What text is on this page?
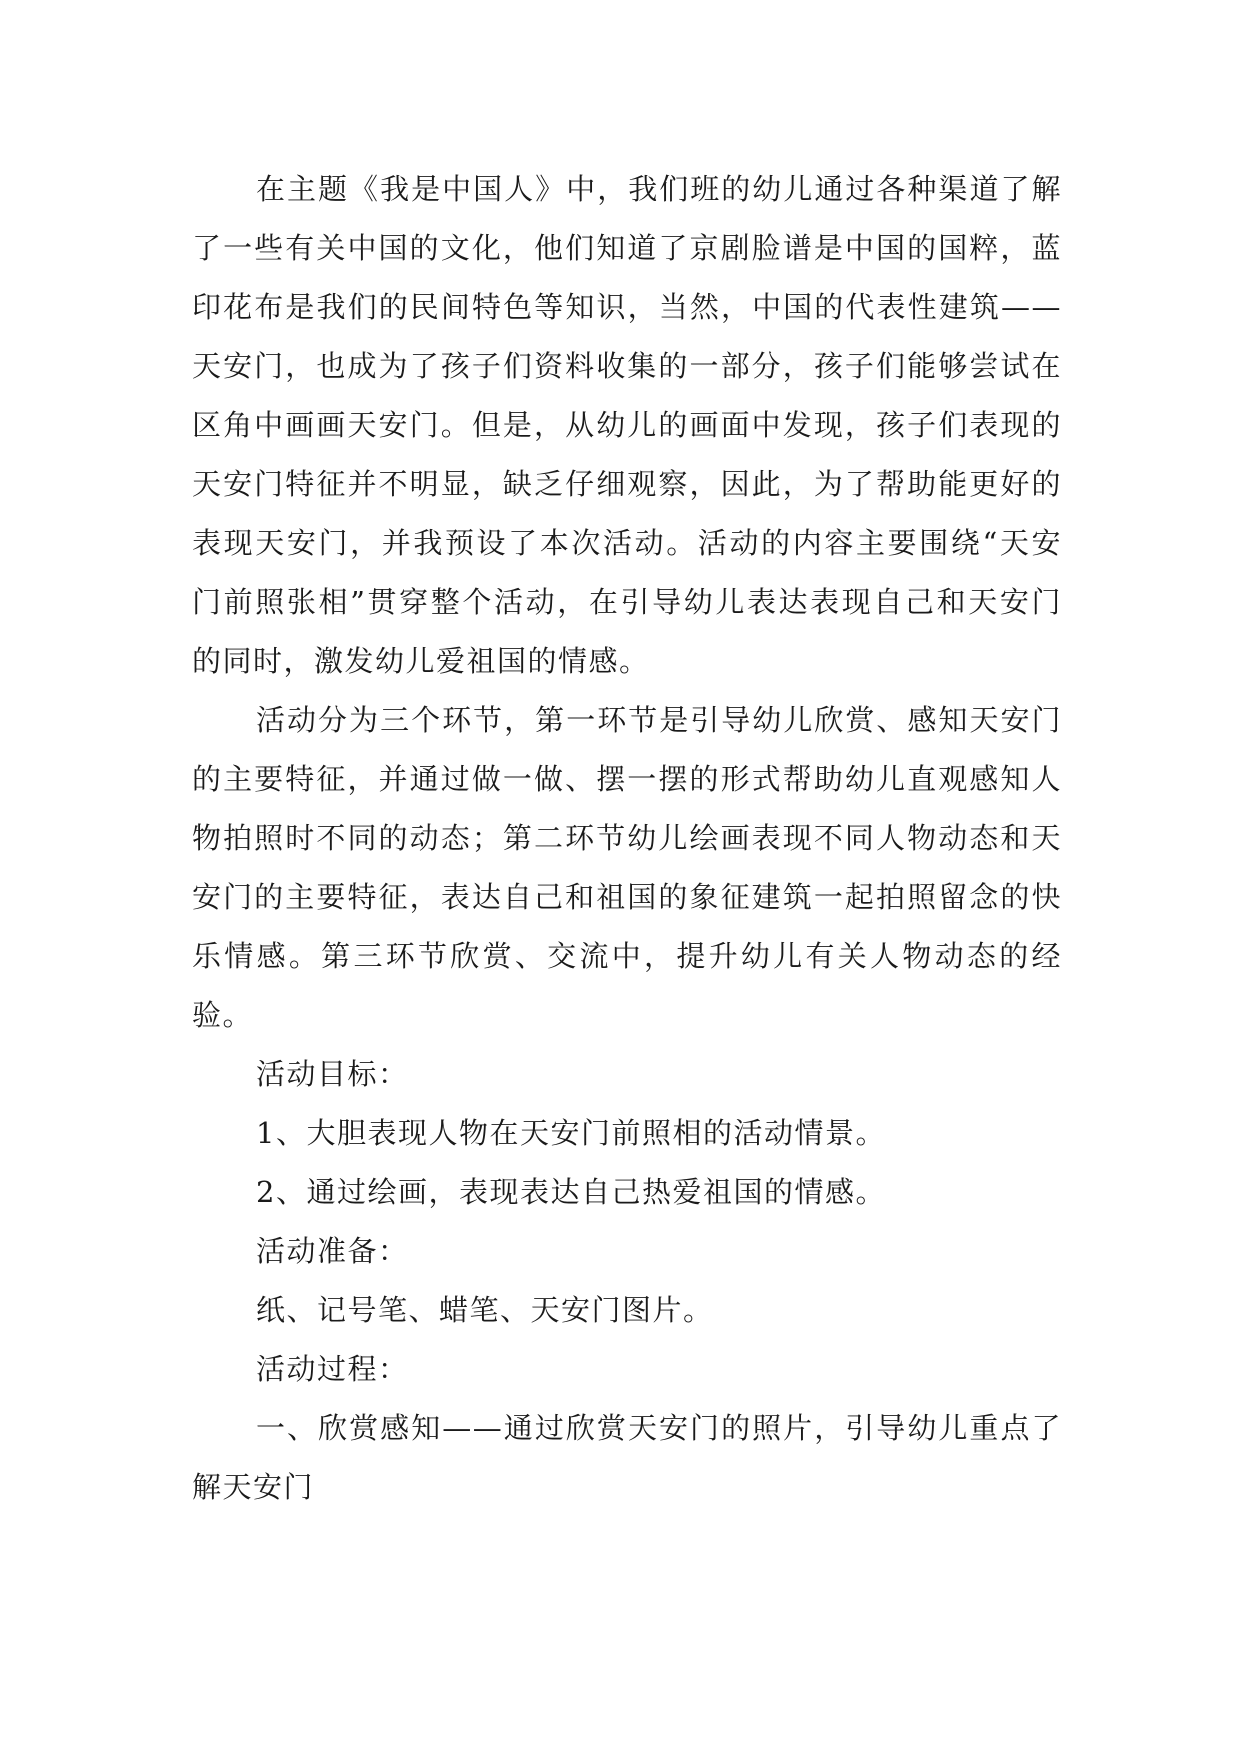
在主题《我是中国人》中，我们班的幼儿通过各种渠道了解了一些有关中国的文化，他们知道了京剧脸谱是中国的国粹，蓝印花布是我们的民间特色等知识，当然，中国的代表性建筑——天安门，也成为了孩子们资料收集的一部分，孩子们能够尝试在区角中画画天安门。但是，从幼儿的画面中发现，孩子们表现的天安门特征并不明显，缺乏仔细观察，因此，为了帮助能更好的表现天安门，并我预设了本次活动。活动的内容主要围绕“天安门前照张相”贯穿整个活动，在引导幼儿表达表现自己和天安门的同时，激发幼儿爱祖国的情感。

活动分为三个环节，第一环节是引导幼儿欣赏、感知天安门的主要特征，并通过做一做、摆一摆的形式帮助幼儿直观感知人物拍照时不同的动态；第二环节幼儿绘画表现不同人物动态和天安门的主要特征，表达自己和祖国的象征建筑一起拍照留念的快乐情感。第三环节欣赏、交流中，提升幼儿有关人物动态的经验。

活动目标：

1、大胆表现人物在天安门前照相的活动情景。

2、通过绘画，表现表达自己热爱祖国的情感。

活动准备：

纸、记号笔、蜡笔、天安门图片。

活动过程：

一、欣赏感知——通过欣赏天安门的照片，引导幼儿重点了解天安门
